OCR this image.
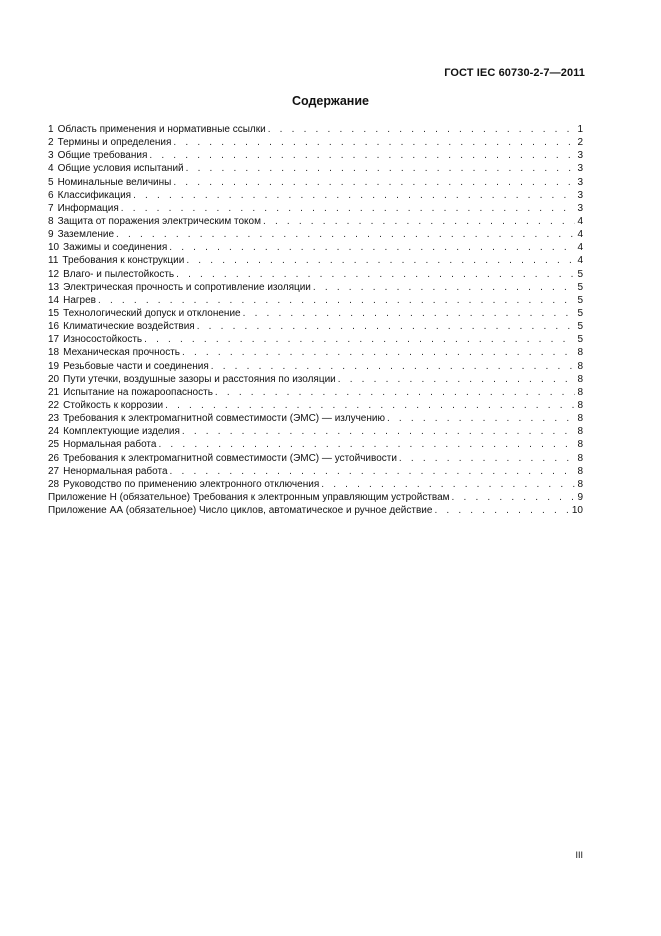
ГОСТ IEC 60730-2-7—2011
Содержание
1 Область применения и нормативные ссылки . . .	1
2 Термины и определения . . .	2
3 Общие требования . . .	3
4 Общие условия испытаний . . .	3
5 Номинальные величины . . .	3
6 Классификация . . .	3
7 Информация . . .	3
8 Защита от поражения электрическим током . . .	4
9 Заземление . . .	4
10 Зажимы и соединения . . .	4
11 Требования к конструкции . . .	4
12 Влаго- и пылестойкость . . .	5
13 Электрическая прочность и сопротивление изоляции . . .	5
14 Нагрев . . .	5
15 Технологический допуск и отклонение . . .	5
16 Климатические воздействия . . .	5
17 Износостойкость . . .	5
18 Механическая прочность . . .	8
19 Резьбовые части и соединения . . .	8
20 Пути утечки, воздушные зазоры и расстояния по изоляции . . .	8
21 Испытание на пожароопасность . . .	8
22 Стойкость к коррозии . . .	8
23 Требования к электромагнитной совместимости (ЭМС) — излучению . . .	8
24 Комплектующие изделия . . .	8
25 Нормальная работа . . .	8
26 Требования к электромагнитной совместимости (ЭМС) — устойчивости . . .	8
27 Ненормальная работа . . .	8
28 Руководство по применению электронного отключения . . .	8
Приложение Н (обязательное) Требования к электронным управляющим устройствам . . .	9
Приложение АА (обязательное) Число циклов, автоматическое и ручное действие . . .	10
III
